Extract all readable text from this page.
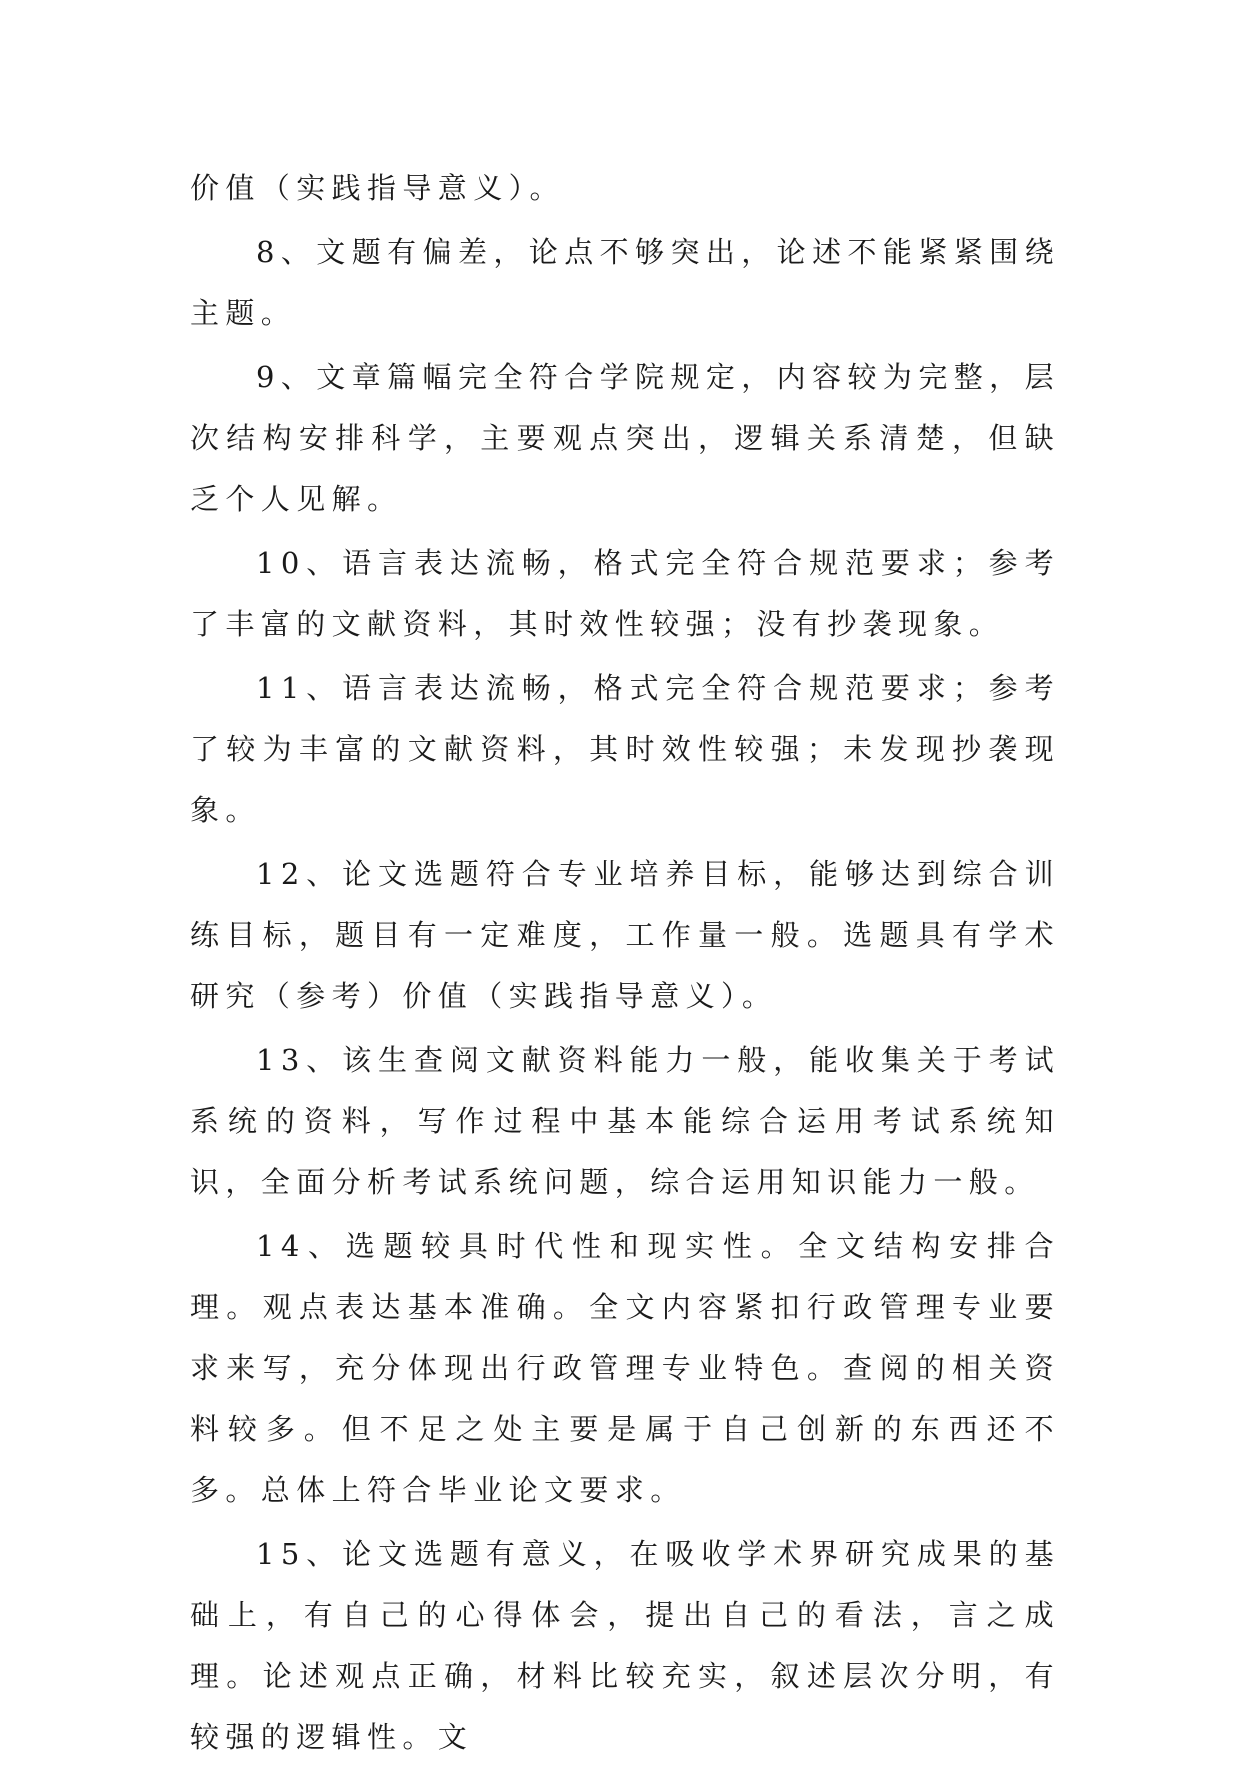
价值（实践指导意义）。

8、文题有偏差，论点不够突出，论述不能紧紧围绕主题。

9、文章篇幅完全符合学院规定，内容较为完整，层次结构安排科学，主要观点突出，逻辑关系清楚，但缺乏个人见解。

10、语言表达流畅，格式完全符合规范要求；参考了丰富的文献资料，其时效性较强；没有抄袭现象。

11、语言表达流畅，格式完全符合规范要求；参考了较为丰富的文献资料，其时效性较强；未发现抄袭现象。

12、论文选题符合专业培养目标，能够达到综合训练目标，题目有一定难度，工作量一般。选题具有学术研究（参考）价值（实践指导意义）。

13、该生查阅文献资料能力一般，能收集关于考试系统的资料，写作过程中基本能综合运用考试系统知识，全面分析考试系统问题，综合运用知识能力一般。

14、选题较具时代性和现实性。全文结构安排合理。观点表达基本准确。全文内容紧扣行政管理专业要求来写，充分体现出行政管理专业特色。查阅的相关资料较多。但不足之处主要是属于自己创新的东西还不多。总体上符合毕业论文要求。

15、论文选题有意义，在吸收学术界研究成果的基础上，有自己的心得体会，提出自己的看法，言之成理。论述观点正确，材料比较充实，叙述层次分明，有较强的逻辑性。文
